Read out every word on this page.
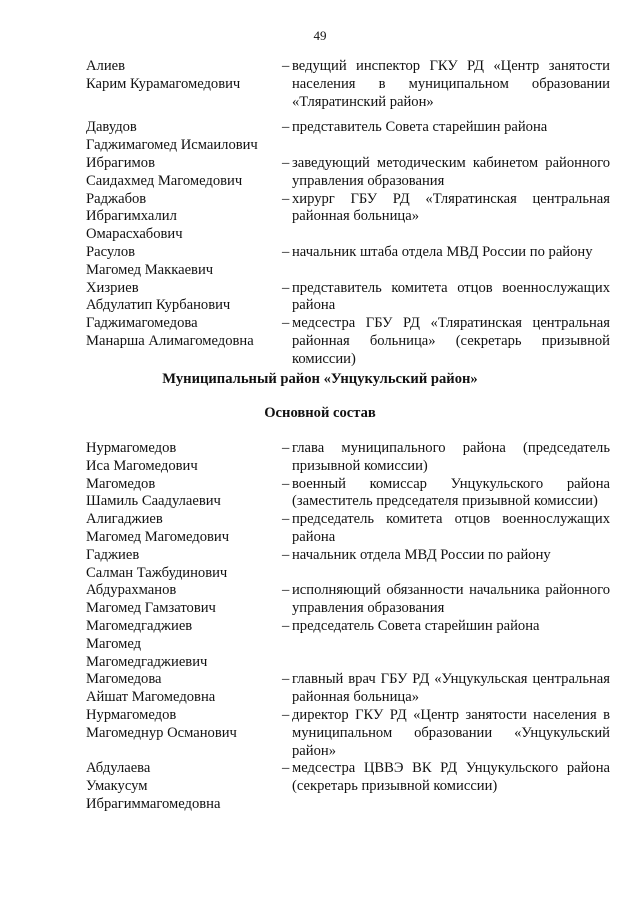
49
Алиев
Карим Курамагомедович
– ведущий инспектор ГКУ РД «Центр занятости населения в муниципальном образовании «Тляратинский район»
Давудов
Гаджимагомед Исмаилович
– представитель Совета старейшин района
Ибрагимов
Саидахмед Магомедович
– заведующий методическим кабинетом районного управления образования
Раджабов
Ибрагимхалил
Омарасхабович
– хирург ГБУ РД «Тляратинская центральная районная больница»
Расулов
Магомед Маккаевич
– начальник штаба отдела МВД России по району
Хизриев
Абдулатип Курбанович
– представитель комитета отцов военнослужащих района
Гаджимагомедова
Манарша Алимагомедовна
– медсестра ГБУ РД «Тляратинская центральная районная больница» (секретарь призывной комиссии)
Муниципальный район «Унцукульский район»
Основной состав
Нурмагомедов
Иса Магомедович
– глава муниципального района (председатель призывной комиссии)
Магомедов
Шамиль Саадулаевич
– военный комиссар Унцукульского района (заместитель председателя призывной комиссии)
Алигаджиев
Магомед Магомедович
– председатель комитета отцов военнослужащих района
Гаджиев
Салман Тажбудинович
– начальник отдела МВД России по району
Абдурахманов
Магомед Гамзатович
– исполняющий обязанности начальника районного управления образования
Магомедгаджиев
Магомед
Магомедгаджиевич
– председатель Совета старейшин района
Магомедова
Айшат Магомедовна
– главный врач ГБУ РД «Унцукульская центральная районная больница»
Нурмагомедов
Магомеднур Османович
– директор ГКУ РД «Центр занятости населения в муниципальном образовании «Унцукульский район»
Абдулаева
Умакусум
Ибрагиммагомедовна
– медсестра ЦВВЭ ВК РД Унцукульского района (секретарь призывной комиссии)
